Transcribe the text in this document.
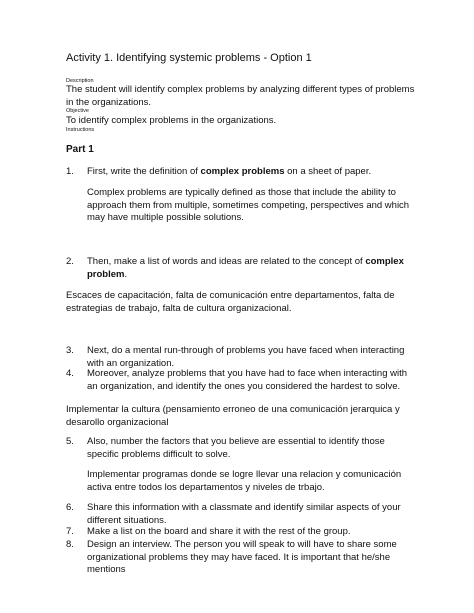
Activity 1. Identifying systemic problems - Option 1
Description
The student will identify complex problems by analyzing different types of problems in the organizations.
Objective
To identify complex problems in the organizations.
Instructions
Part 1
1. First, write the definition of complex problems on a sheet of paper.
Complex problems are typically defined as those that include the ability to approach them from multiple, sometimes competing, perspectives and which may have multiple possible solutions.
2. Then, make a list of words and ideas are related to the concept of complex problem.
Escaces de capacitación, falta de comunicación entre departamentos, falta de estrategias de trabajo, falta de cultura organizacional.
3. Next, do a mental run-through of problems you have faced when interacting with an organization.
4. Moreover, analyze problems that you have had to face when interacting with an organization, and identify the ones you considered the hardest to solve.
Implementar la cultura (pensamiento erroneo de una comunicación jerarquica y desarollo organizacional
5. Also, number the factors that you believe are essential to identify those specific problems difficult to solve.
Implementar programas donde se logre llevar una relacion y comunicación activa entre todos los departamentos y niveles de trbajo.
6. Share this information with a classmate and identify similar aspects of your different situations.
7. Make a list on the board and share it with the rest of the group.
8. Design an interview. The person you will speak to will have to share some organizational problems they may have faced. It is important that he/she mentions
